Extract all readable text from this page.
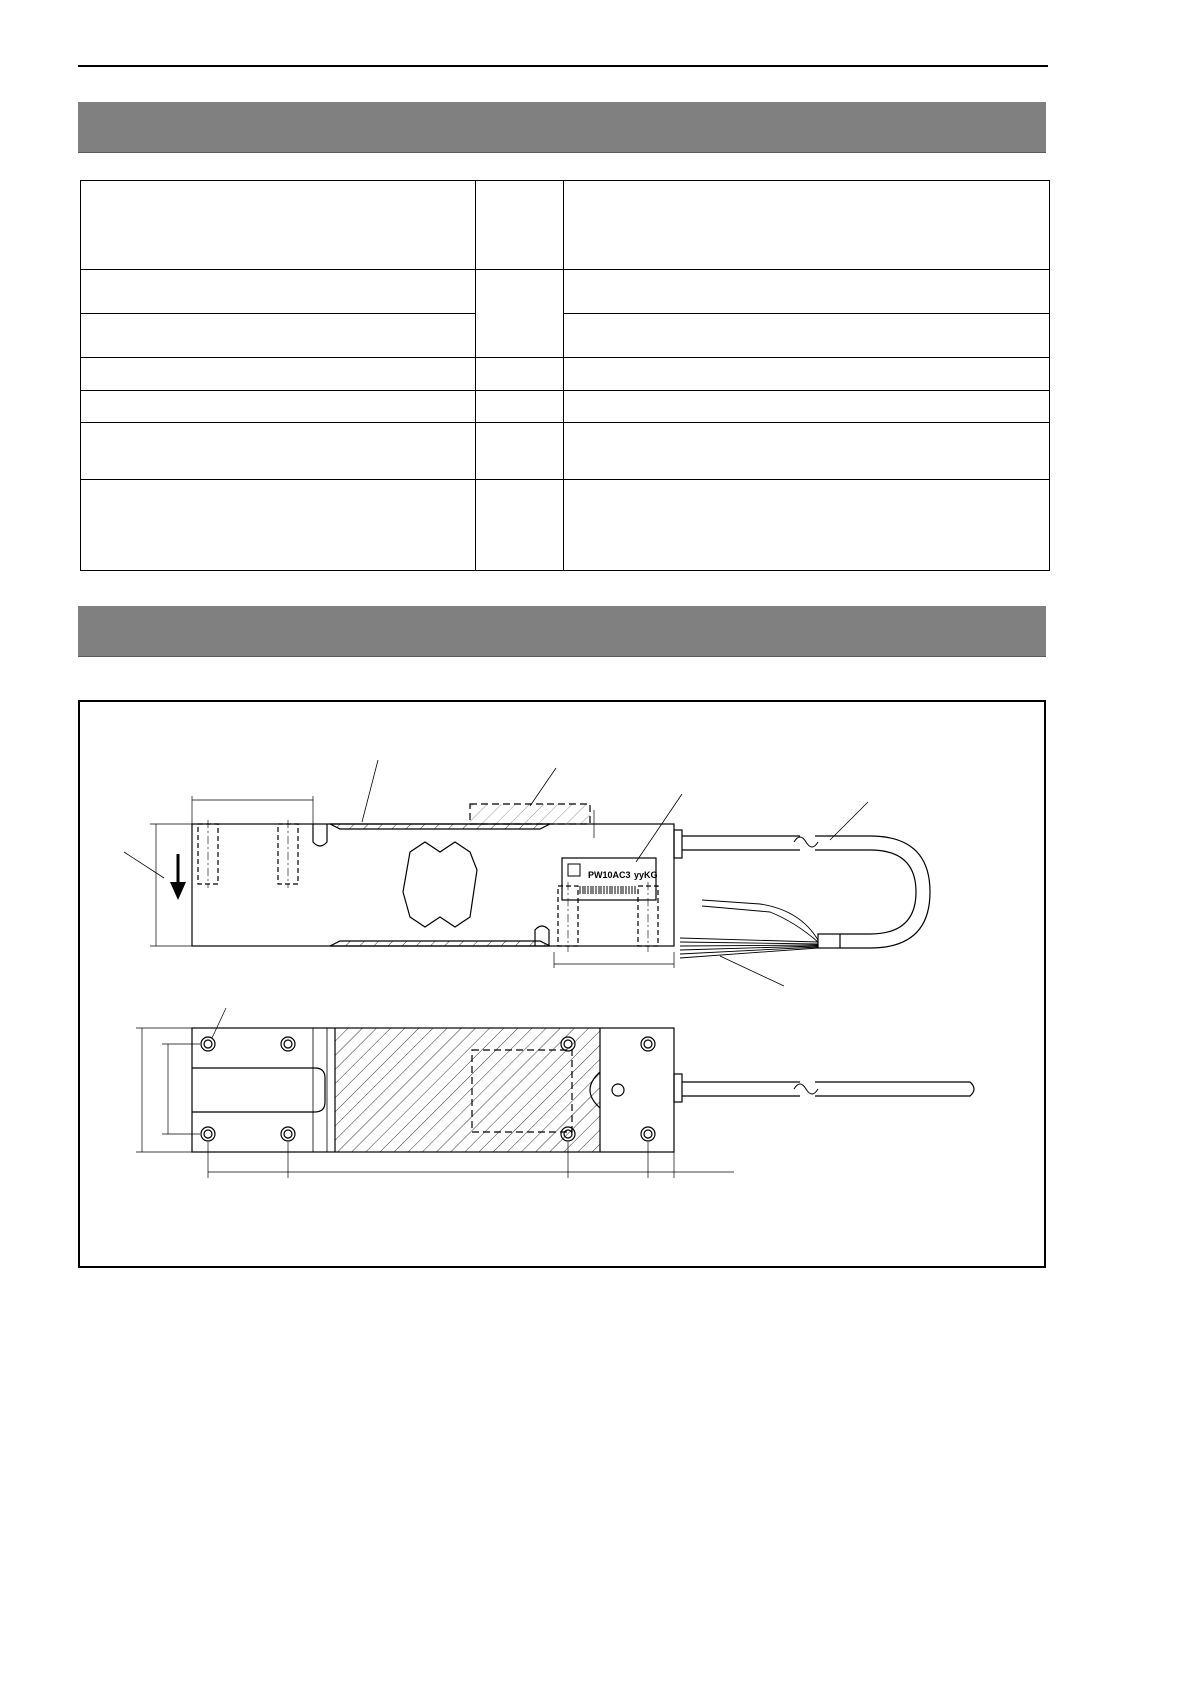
PW10AC3 yyKG
